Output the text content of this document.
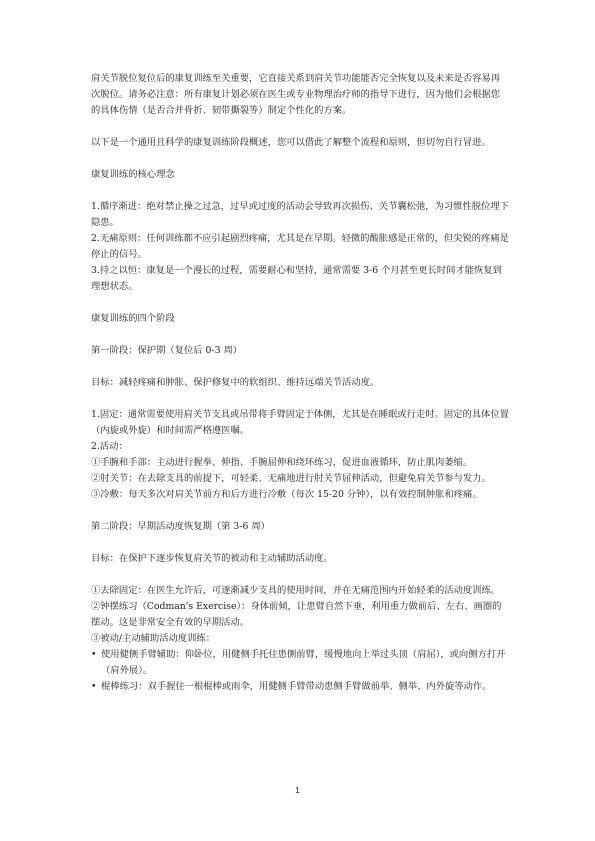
肩关节脱位复位后的康复训练至关重要，它直接关系到肩关节功能能否完全恢复以及未来是否容易再次脱位。请务必注意：所有康复计划必须在医生或专业物理治疗师的指导下进行，因为他们会根据您的具体伤情（是否合并骨折、韧带撕裂等）制定个性化的方案。

以下是一个通用且科学的康复训练阶段概述，您可以借此了解整个流程和原则，但切勿自行冒进。

康复训练的核心理念

1.循序渐进：绝对禁止操之过急，过早或过度的活动会导致再次损伤、关节囊松弛，为习惯性脱位埋下隐患。

2.无痛原则：任何训练都不应引起剧烈疼痛，尤其是在早期。轻微的酸胀感是正常的，但尖锐的疼痛是停止的信号。

3.持之以恒：康复是一个漫长的过程，需要耐心和坚持，通常需要 3-6 个月甚至更长时间才能恢复到理想状态。

康复训练的四个阶段

第一阶段：保护期（复位后 0-3 周）

目标：减轻疼痛和肿胀、保护修复中的软组织、维持远端关节活动度。

1.固定：通常需要使用肩关节支具或吊带将手臂固定于体侧，尤其是在睡眠或行走时。固定的具体位置（内旋或外旋）和时间需严格遵医嘱。

2.活动：

①手腕和手部：主动进行握拳、伸指、手腕屈伸和绕环练习，促进血液循环，防止肌肉萎缩。

②肘关节：在去除支具的前提下，可轻柔、无痛地进行肘关节屈伸活动，但避免肩关节参与发力。

③冷敷：每天多次对肩关节前方和后方进行冷敷（每次 15-20 分钟），以有效控制肿胀和疼痛。

第二阶段：早期活动度恢复期（第 3-6 周）

目标：在保护下逐步恢复肩关节的被动和主动辅助活动度。

①去除固定：在医生允许后，可逐渐减少支具的使用时间，并在无痛范围内开始轻柔的活动度训练。

②钟摆练习（Codman's Exercise）：身体前倾，让患臂自然下垂，利用重力做前后、左右、画圈的摆动。这是非常安全有效的早期活动。

③被动/主动辅助活动度训练：

• 使用健侧手臂辅助：仰卧位，用健侧手托住患侧前臂，缓慢地向上举过头顶（肩屈），或向侧方打开（肩外展）。

• 棍棒练习：双手握住一根棍棒或雨伞，用健侧手臂带动患侧手臂做前举、侧举、内外旋等动作。

1
